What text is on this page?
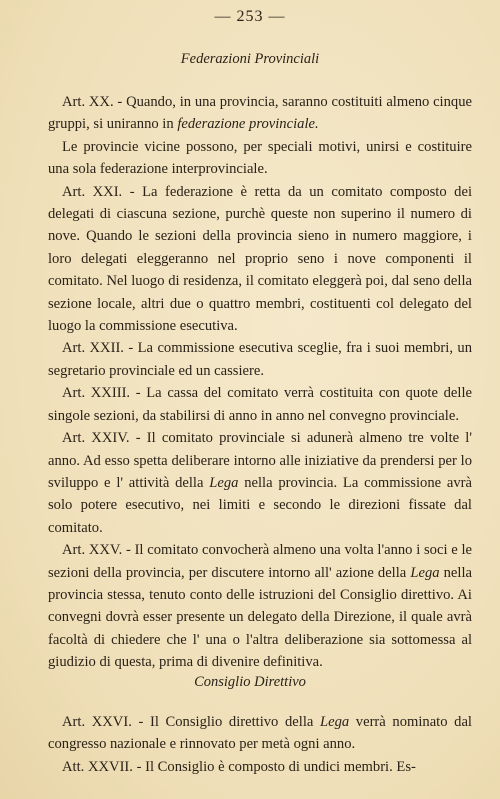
— 253 —
Federazioni Provinciali

Art. XX. - Quando, in una provincia, saranno costituiti almeno cinque gruppi, si uniranno in federazione provinciale.

Le provincie vicine possono, per speciali motivi, unirsi e costituire una sola federazione interprovinciale.

Art. XXI. - La federazione è retta da un comitato composto dei delegati di ciascuna sezione, purchè queste non superino il numero di nove. Quando le sezioni della provincia sieno in numero maggiore, i loro delegati eleggeranno nel proprio seno i nove componenti il comitato. Nel luogo di residenza, il comitato eleggerà poi, dal seno della sezione locale, altri due o quattro membri, costituenti col delegato del luogo la commissione esecutiva.

Art. XXII. - La commissione esecutiva sceglie, fra i suoi membri, un segretario provinciale ed un cassiere.

Art. XXIII. - La cassa del comitato verrà costituita con quote delle singole sezioni, da stabilirsi di anno in anno nel convegno provinciale.

Art. XXIV. - Il comitato provinciale si adunerà almeno tre volte l' anno. Ad esso spetta deliberare intorno alle iniziative da prendersi per lo sviluppo e l' attività della Lega nella provincia. La commissione avrà solo potere esecutivo, nei limiti e secondo le direzioni fissate dal comitato.

Art. XXV. - Il comitato convocherà almeno una volta l'anno i soci e le sezioni della provincia, per discutere intorno all' azione della Lega nella provincia stessa, tenuto conto delle istruzioni del Consiglio direttivo. Ai convegni dovrà esser presente un delegato della Direzione, il quale avrà facoltà di chiedere che l' una o l'altra deliberazione sia sottomessa al giudizio di questa, prima di divenire definitiva.

Consiglio Direttivo

Art. XXVI. - Il Consiglio direttivo della Lega verrà nominato dal congresso nazionale e rinnovato per metà ogni anno.

Att. XXVII. - Il Consiglio è composto di undici membri. Es-
